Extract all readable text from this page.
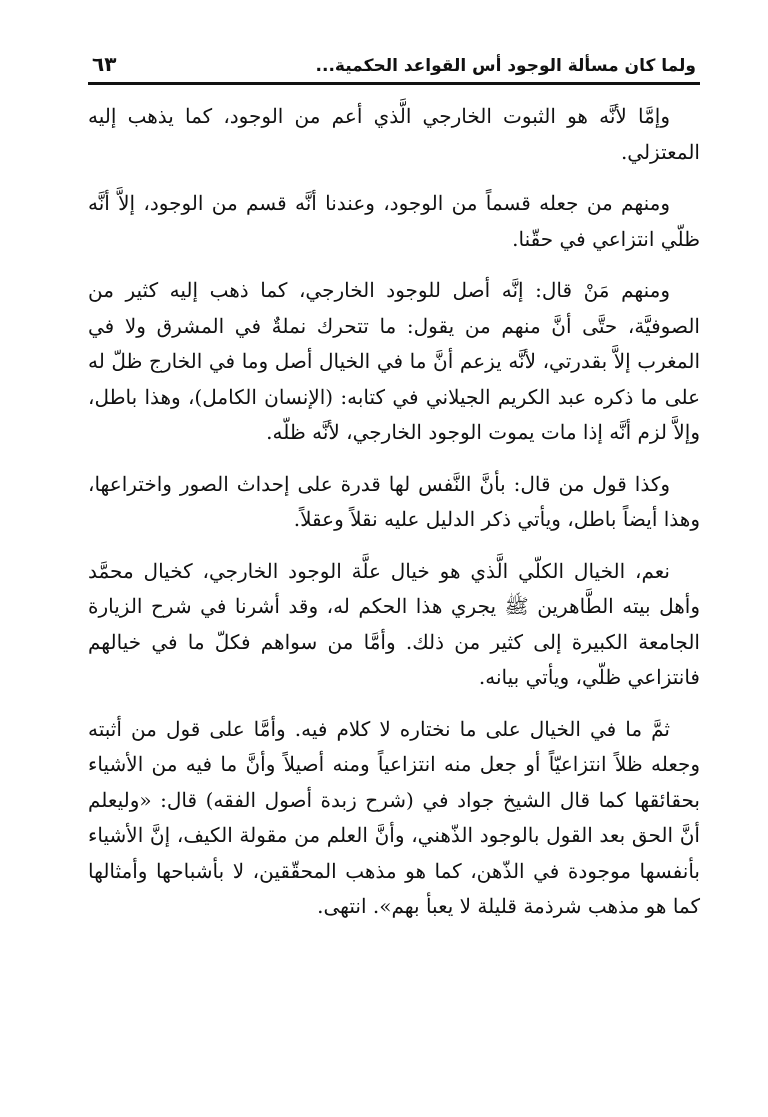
ولما كان مسألة الوجود أس القواعد الحكمية...
٦٣

وإمَّا لأنَّه هو الثبوت الخارجي الَّذي أعم من الوجود، كما يذهب إليه المعتزلي.

ومنهم من جعله قسماً من الوجود، وعندنا أنَّه قسم من الوجود، إلاَّ أنَّه ظلّي انتزاعي في حقّنا.

ومنهم مَنْ قال: إنَّه أصل للوجود الخارجي، كما ذهب إليه كثير من الصوفيَّة، حتَّى أنَّ منهم من يقول: ما تتحرك نملةٌ في المشرق ولا في المغرب إلاَّ بقدرتي، لأنَّه يزعم أنَّ ما في الخيال أصل وما في الخارج ظلّ له على ما ذكره عبد الكريم الجيلاني في كتابه: (الإنسان الكامل)، وهذا باطل، وإلاَّ لزم أنَّه إذا مات يموت الوجود الخارجي، لأنَّه ظلّه.

وكذا قول من قال: بأنَّ النَّفس لها قدرة على إحداث الصور واختراعها، وهذا أيضاً باطل، ويأتي ذكر الدليل عليه نقلاً وعقلاً.

نعم، الخيال الكلّي الَّذي هو خيال علَّة الوجود الخارجي، كخيال محمَّد وأهل بيته الطَّاهرين ﷺ يجري هذا الحكم له، وقد أشرنا في شرح الزيارة الجامعة الكبيرة إلى كثير من ذلك. وأمَّا من سواهم فكلّ ما في خيالهم فانتزاعي ظلّي، ويأتي بيانه.

ثمَّ ما في الخيال على ما نختاره لا كلام فيه. وأمَّا على قول من أثبته وجعله ظلاً انتزاعيّاً أو جعل منه انتزاعياً ومنه أصيلاً وأنَّ ما فيه من الأشياء بحقائقها كما قال الشيخ جواد في (شرح زبدة أصول الفقه) قال: «وليعلم أنَّ الحق بعد القول بالوجود الذّهني، وأنَّ العلم من مقولة الكيف، إنَّ الأشياء بأنفسها موجودة في الذّهن، كما هو مذهب المحقّقين، لا بأشباحها وأمثالها كما هو مذهب شرذمة قليلة لا يعبأ بهم». انتهى.
